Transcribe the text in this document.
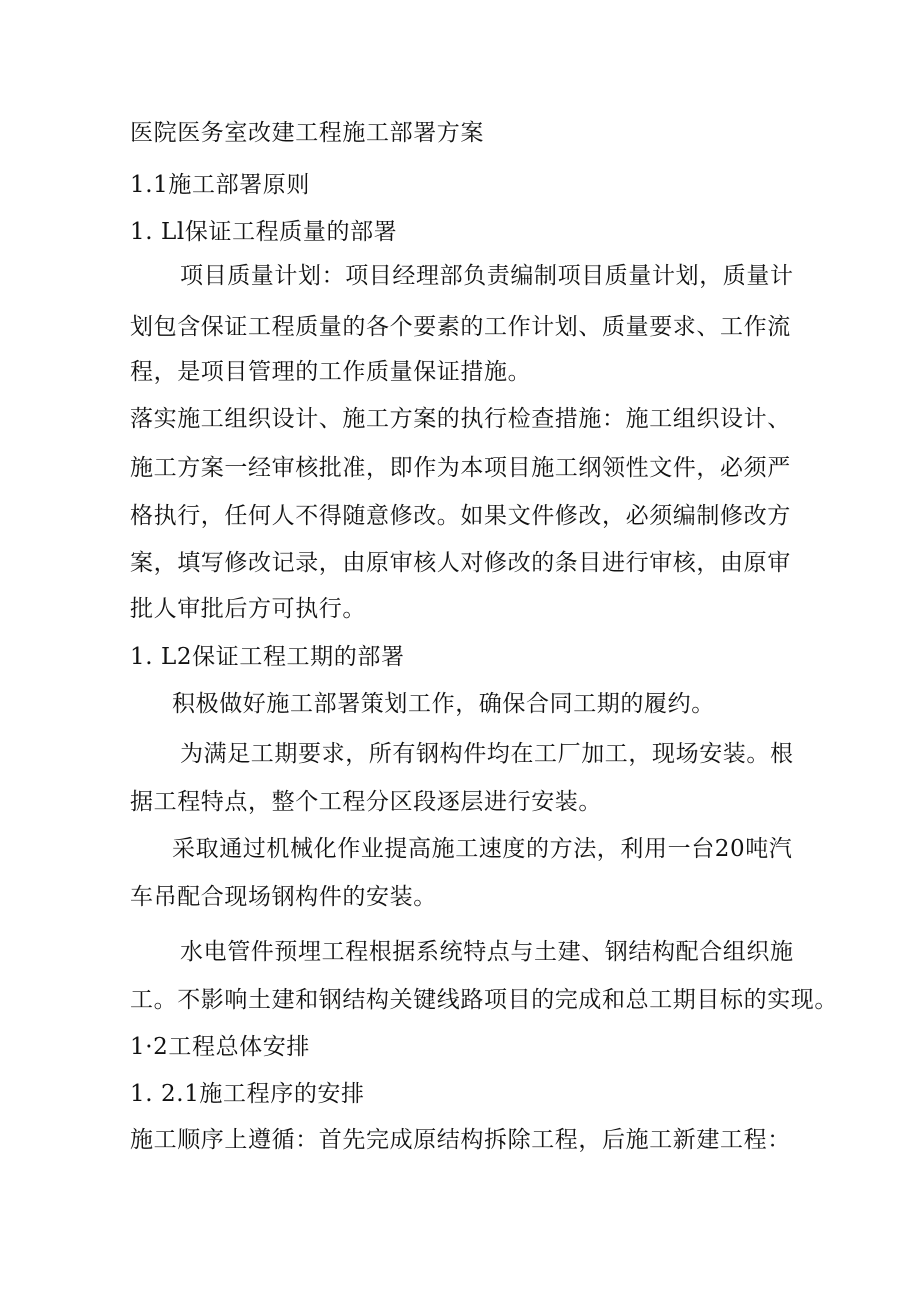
医院医务室改建工程施工部署方案

1.1施工部署原则

1. Ll保证工程质量的部署

项目质量计划：项目经理部负责编制项目质量计划，质量计

划包含保证工程质量的各个要素的工作计划、质量要求、工作流

程，是项目管理的工作质量保证措施。

落实施工组织设计、施工方案的执行检查措施：施工组织设计、

施工方案一经审核批准，即作为本项目施工纲领性文件，必须严

格执行，任何人不得随意修改。如果文件修改，必须编制修改方

案，填写修改记录，由原审核人对修改的条目进行审核，由原审

批人审批后方可执行。

1. L2保证工程工期的部署

积极做好施工部署策划工作，确保合同工期的履约。

为满足工期要求，所有钢构件均在工厂加工，现场安装。根

据工程特点，整个工程分区段逐层进行安装。

采取通过机械化作业提高施工速度的方法，利用一台20吨汽

车吊配合现场钢构件的安装。

水电管件预埋工程根据系统特点与土建、钢结构配合组织施

工。不影响土建和钢结构关键线路项目的完成和总工期目标的实现。

1·2工程总体安排

1. 2.1施工程序的安排

施工顺序上遵循：首先完成原结构拆除工程，后施工新建工程：
